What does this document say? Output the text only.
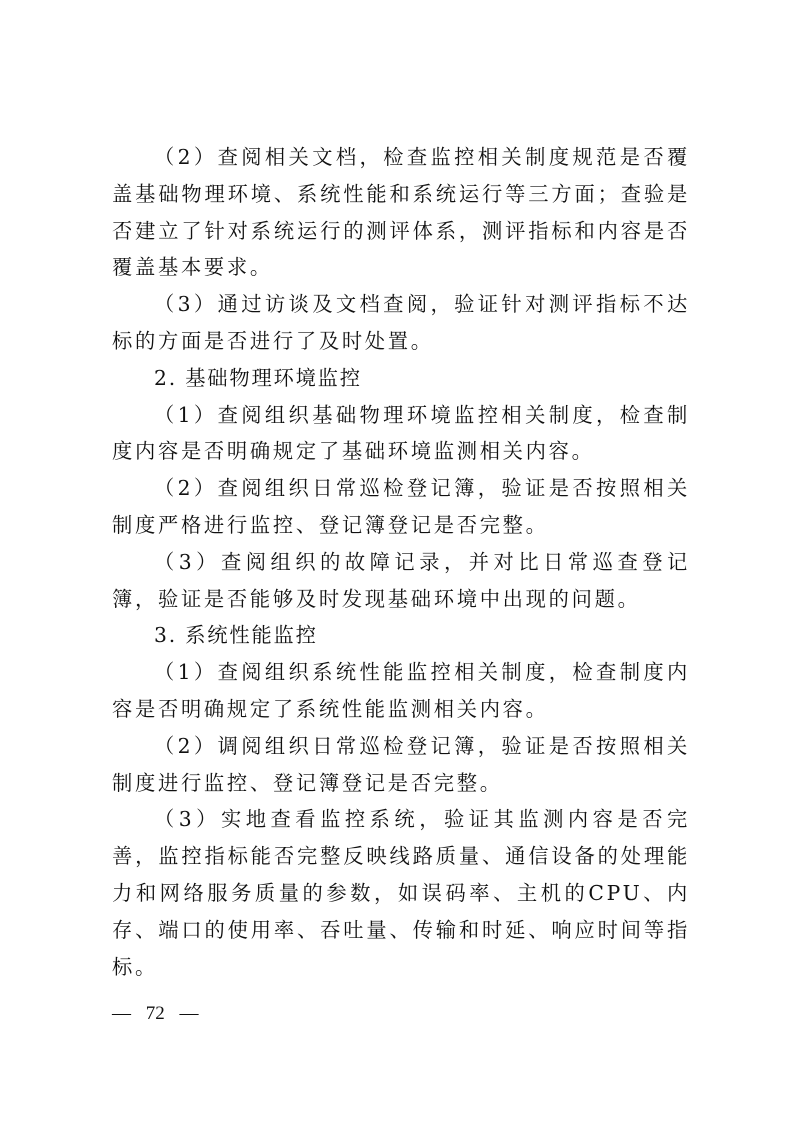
（2）查阅相关文档，检查监控相关制度规范是否覆盖基础物理环境、系统性能和系统运行等三方面；查验是否建立了针对系统运行的测评体系，测评指标和内容是否覆盖基本要求。

（3）通过访谈及文档查阅，验证针对测评指标不达标的方面是否进行了及时处置。

2. 基础物理环境监控

（1）查阅组织基础物理环境监控相关制度，检查制度内容是否明确规定了基础环境监测相关内容。

（2）查阅组织日常巡检登记簿，验证是否按照相关制度严格进行监控、登记簿登记是否完整。

（3）查阅组织的故障记录，并对比日常巡查登记簿，验证是否能够及时发现基础环境中出现的问题。

3. 系统性能监控

（1）查阅组织系统性能监控相关制度，检查制度内容是否明确规定了系统性能监测相关内容。

（2）调阅组织日常巡检登记簿，验证是否按照相关制度进行监控、登记簿登记是否完整。

（3）实地查看监控系统，验证其监测内容是否完善，监控指标能否完整反映线路质量、通信设备的处理能力和网络服务质量的参数，如误码率、主机的CPU、内存、端口的使用率、吞吐量、传输和时延、响应时间等指标。

— 72 —
